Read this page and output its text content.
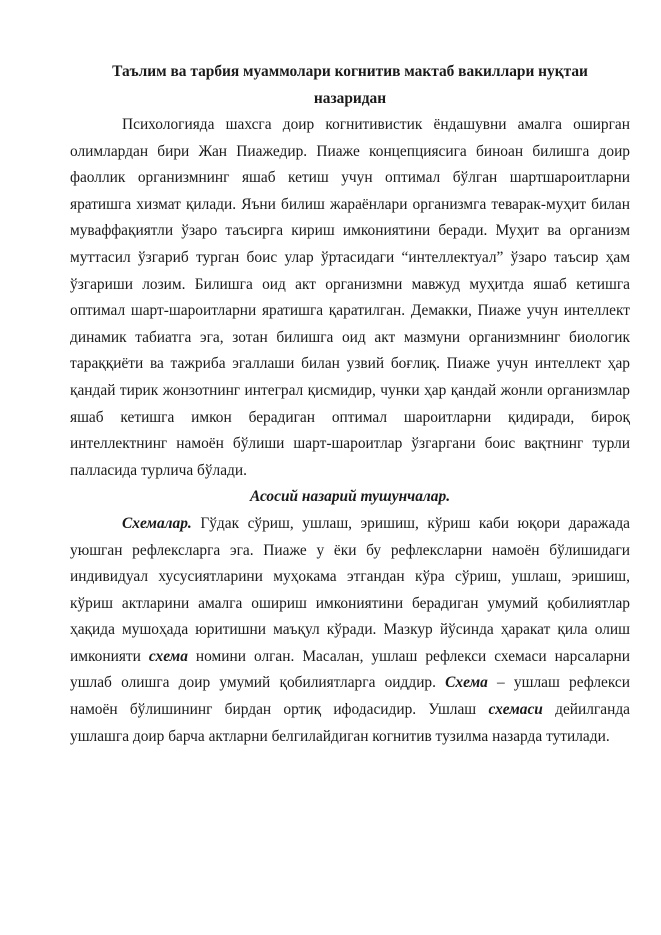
Таълим ва тарбия муаммолари когнитив мактаб вакиллари нуқтаи назаридан

Психологияда шахсга доир когнитивистик ёндашувни амалга оширган олимлардан бири Жан Пиажедир. Пиаже концепциясига биноан билишга доир фаоллик организмнинг яшаб кетиш учун оптимал бўлган шартшароитларни яратишга хизмат қилади. Яъни билиш жараёнлари организмга теварак-муҳит билан муваффақиятли ўзаро таъсирга кириш имкониятини беради. Муҳит ва организм муттасил ўзгариб турган боис улар ўртасидаги “интеллектуал” ўзаро таъсир ҳам ўзгариши лозим. Билишга оид акт организмни мавжуд муҳитда яшаб кетишга оптимал шарт-шароитларни яратишга қаратилган. Демакки, Пиаже учун интеллект динамик табиатга эга, зотан билишга оид акт мазмуни организмнинг биологик тараққиёти ва тажриба эгаллаши билан узвий боғлиқ. Пиаже учун интеллект ҳар қандай тирик жонзотнинг интеграл қисмидир, чунки ҳар қандай жонли организмлар яшаб кетишга имкон берадиган оптимал шароитларни қидиради, бироқ интеллектнинг намоён бўлиши шарт-шароитлар ўзгаргани боис вақтнинг турли палласида турлича бўлади.

Асосий назарий тушунчалар.

Схемалар. Гўдак сўриш, ушлаш, эришиш, кўриш каби юқори даражада уюшган рефлексларга эга. Пиаже у ёки бу рефлексларни намоён бўлишидаги индивидуал хусусиятларини муҳокама этгандан кўра сўриш, ушлаш, эришиш, кўриш актларини амалга ошириш имкониятини берадиган умумий қобилиятлар ҳақида мушоҳада юритишни маъқул кўради. Мазкур йўсинда ҳаракат қила олиш имконияти схема номини олган. Масалан, ушлаш рефлекси схемаси нарсаларни ушлаб олишга доир умумий қобилиятларга оиддир. Схема – ушлаш рефлекси намоён бўлишининг бирдан ортиқ ифодасидир. Ушлаш схемаси дейилганда ушлашга доир барча актларни белгилайдиган когнитив тузилма назарда тутилади.
